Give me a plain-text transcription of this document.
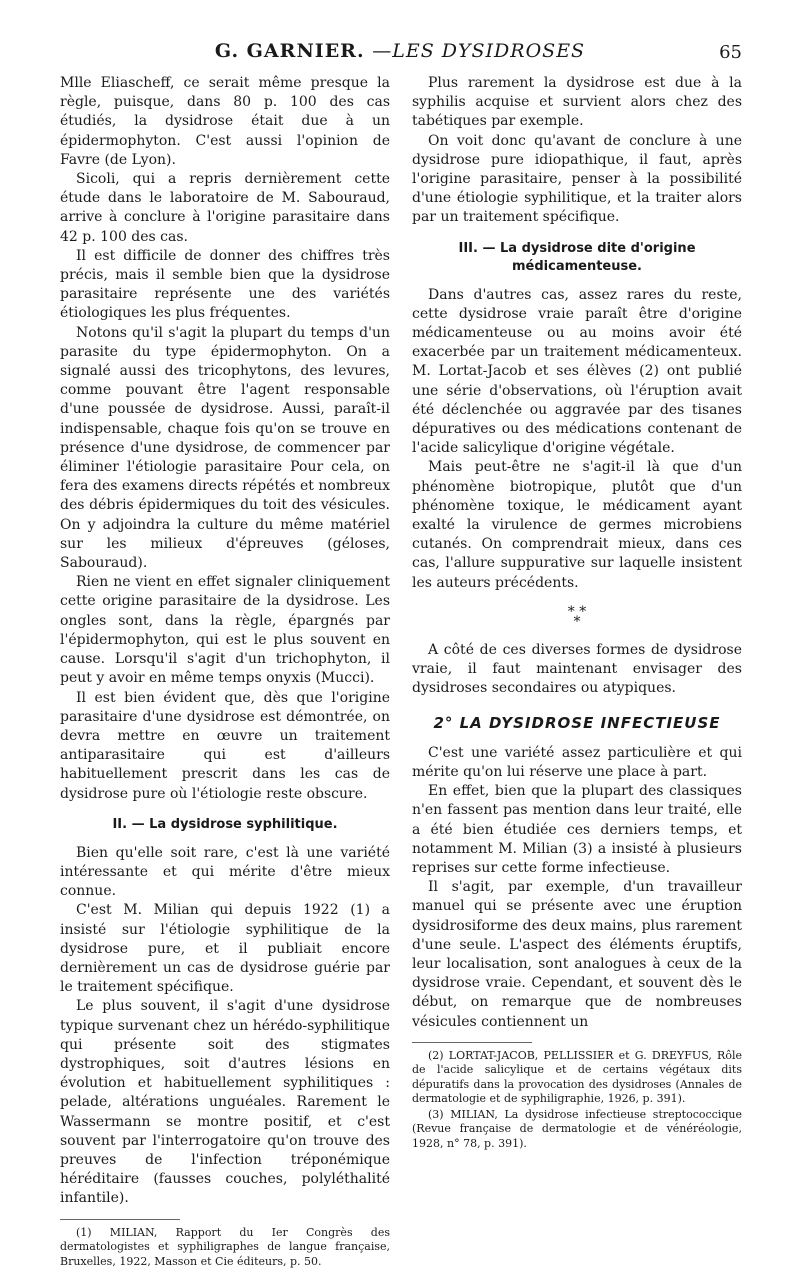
G. GARNIER. —LES DYSIDROSES	65

Mlle Eliascheff, ce serait même presque la règle, puisque, dans 80 p. 100 des cas étudiés, la dysidrose était due à un épidermophyton. C'est aussi l'opinion de Favre (de Lyon).

Sicoli, qui a repris dernièrement cette étude dans le laboratoire de M. Sabouraud, arrive à conclure à l'origine parasitaire dans 42 p. 100 des cas.

Il est difficile de donner des chiffres très précis, mais il semble bien que la dysidrose parasitaire représente une des variétés étiologiques les plus fréquentes.

Notons qu'il s'agit la plupart du temps d'un parasite du type épidermophyton. On a signalé aussi des tricophytons, des levures, comme pouvant être l'agent responsable d'une poussée de dysidrose. Aussi, paraît-il indispensable, chaque fois qu'on se trouve en présence d'une dysidrose, de commencer par éliminer l'étiologie parasitaire Pour cela, on fera des examens directs répétés et nombreux des débris épidermiques du toit des vésicules. On y adjoindra la culture du même matériel sur les milieux d'épreuves (géloses, Sabouraud).

Rien ne vient en effet signaler cliniquement cette origine parasitaire de la dysidrose. Les ongles sont, dans la règle, épargnés par l'épidermophyton, qui est le plus souvent en cause. Lorsqu'il s'agit d'un trichophyton, il peut y avoir en même temps onyxis (Mucci).

Il est bien évident que, dès que l'origine parasitaire d'une dysidrose est démontrée, on devra mettre en œuvre un traitement antiparasitaire qui est d'ailleurs habituellement prescrit dans les cas de dysidrose pure où l'étiologie reste obscure.

II. — La dysidrose syphilitique.

Bien qu'elle soit rare, c'est là une variété intéressante et qui mérite d'être mieux connue.

C'est M. Milian qui depuis 1922 (1) a insisté sur l'étiologie syphilitique de la dysidrose pure, et il publiait encore dernièrement un cas de dysidrose guérie par le traitement spécifique.

Le plus souvent, il s'agit d'une dysidrose typique survenant chez un hérédo-syphilitique qui présente soit des stigmates dystrophiques, soit d'autres lésions en évolution et habituellement syphilitiques : pelade, altérations unguéales. Rarement le Wassermann se montre positif, et c'est souvent par l'interrogatoire qu'on trouve des preuves de l'infection tréponémique héréditaire (fausses couches, polyléthalité infantile).

(1) MILIAN, Rapport du Ier Congrès des dermatologistes et syphiligraphes de langue française, Bruxelles, 1922, Masson et Cie éditeurs, p. 50.

Plus rarement la dysidrose est due à la syphilis acquise et survient alors chez des tabétiques par exemple.

On voit donc qu'avant de conclure à une dysidrose pure idiopathique, il faut, après l'origine parasitaire, penser à la possibilité d'une étiologie syphilitique, et la traiter alors par un traitement spécifique.

III. — La dysidrose dite d'origine médicamenteuse.

Dans d'autres cas, assez rares du reste, cette dysidrose vraie paraît être d'origine médicamenteuse ou au moins avoir été exacerbée par un traitement médicamenteux. M. Lortat-Jacob et ses élèves (2) ont publié une série d'observations, où l'éruption avait été déclenchée ou aggravée par des tisanes dépuratives ou des médications contenant de l'acide salicylique d'origine végétale.

Mais peut-être ne s'agit-il là que d'un phénomène biotropique, plutôt que d'un phénomène toxique, le médicament ayant exalté la virulence de germes microbiens cutanés. On comprendrait mieux, dans ces cas, l'allure suppurative sur laquelle insistent les auteurs précédents.

* *
*

A côté de ces diverses formes de dysidrose vraie, il faut maintenant envisager des dysidroses secondaires ou atypiques.

2° LA DYSIDROSE INFECTIEUSE

C'est une variété assez particulière et qui mérite qu'on lui réserve une place à part.

En effet, bien que la plupart des classiques n'en fassent pas mention dans leur traité, elle a été bien étudiée ces derniers temps, et notamment M. Milian (3) a insisté à plusieurs reprises sur cette forme infectieuse.

Il s'agit, par exemple, d'un travailleur manuel qui se présente avec une éruption dysidrosiforme des deux mains, plus rarement d'une seule. L'aspect des éléments éruptifs, leur localisation, sont analogues à ceux de la dysidrose vraie. Cependant, et souvent dès le début, on remarque que de nombreuses vésicules contiennent un

(2) LORTAT-JACOB, PELLISSIER et G. DREYFUS, Rôle de l'acide salicylique et de certains végétaux dits dépuratifs dans la provocation des dysidroses (Annales de dermatologie et de syphiligraphie, 1926, p. 391).

(3) MILIAN, La dysidrose infectieuse streptococcique (Revue française de dermatologie et de vénéréologie, 1928, n° 78, p. 391).
